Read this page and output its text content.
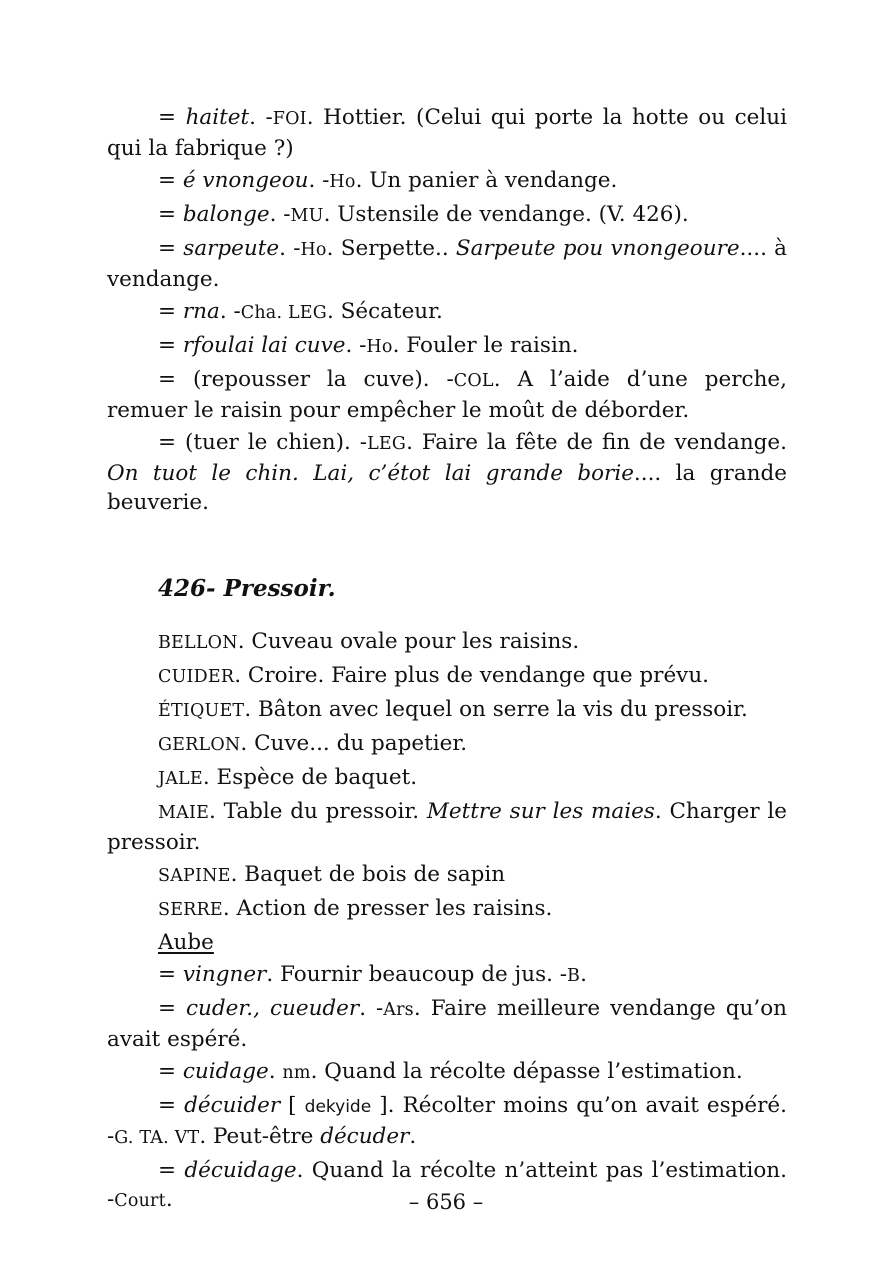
= haitet. -FOI. Hottier. (Celui qui porte la hotte ou celui qui la fabrique ?)

= é vnongeou. -Ho. Un panier à vendange.

= balonge. -MU. Ustensile de vendange. (V. 426).

= sarpeute. -Ho. Serpette.. Sarpeute pou vnongeoure.... à vendange.

= rna. -Cha. LEG. Sécateur.

= rfoulai lai cuve. -Ho. Fouler le raisin.

= (repousser la cuve). -COL. A l’aide d’une perche, remuer le raisin pour empêcher le moût de déborder.

= (tuer le chien). -LEG. Faire la fête de fin de vendange. On tuot le chin. Lai, c’étot lai grande borie.... la grande beuverie.

426- Pressoir.

BELLON. Cuveau ovale pour les raisins.

CUIDER. Croire. Faire plus de vendange que prévu.

ÉTIQUET. Bâton avec lequel on serre la vis du pressoir.

GERLON. Cuve... du papetier.

JALE. Espèce de baquet.

MAIE. Table du pressoir. Mettre sur les maies. Charger le pressoir.

SAPINE. Baquet de bois de sapin

SERRE. Action de presser les raisins.

Aube

= vingner. Fournir beaucoup de jus. -B.

= cuder., cueuder. -Ars. Faire meilleure vendange qu’on avait espéré.

= cuidage. nm. Quand la récolte dépasse l’estimation.

= décuider [ dekyide ]. Récolter moins qu’on avait espéré. -G. TA. VT. Peut-être décuder.

= décuidage. Quand la récolte n’atteint pas l’estimation. -Court.	– 656 –
